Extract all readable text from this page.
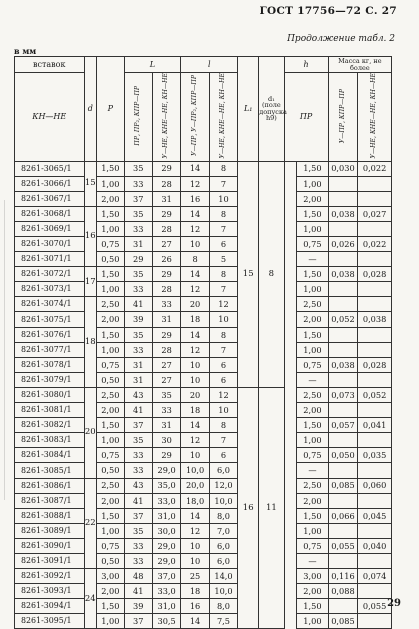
ГОСТ 17756—72 С. 27
Продолжение табл. 2
в мм
вставок	d	P	L		l		L₁	d₁ (поле допуска h9)	h		Масса кг, не более	
КН—НЕ			ПР, ПР₂, КПР—ПР	У—НЕ, КНЕ—НЕ, КН—НЕ	У—ПР, У—ПР₂, КПР—ПР	У—НЕ, КНЕ—НЕ, КН—НЕ			ПР		У—ПР, КПР—ПР	У—НЕ, КНЕ—НЕ, КН—НЕ

8261-3065/1	15	1,50	35	29	14	8	15	8		1,50	0,030	0,022
8261-3066/1		1,00	33	28	12	7				1,00		
8261-3067/1		2,00	37	31	16	10				2,00		
8261-3068/1	16	1,50	35	29	14	8				1,50	0,038	0,027
8261-3069/1		1,00	33	28	12	7				1,00		
8261-3070/1		0,75	31	27	10	6				0,75	0,026	0,022
8261-3071/1		0,50	29	26	8	5				—		
8261-3072/1	17	1,50	35	29	14	8				1,50	0,038	0,028
8261-3073/1		1,00	33	28	12	7				1,00		
8261-3074/1	18	2,50	41	33	20	12				2,50		
8261-3075/1		2,00	39	31	18	10				2,00	0,052	0,038
8261-3076/1		1,50	35	29	14	8				1,50		
8261-3077/1		1,00	33	28	12	7				1,00		
8261-3078/1		0,75	31	27	10	6				0,75	0,038	0,028
8261-3079/1		0,50	31	27	10	6				—		
8261-3080/1	20	2,50	43	35	20	12	16	11		2,50	0,073	0,052
8261-3081/1		2,00	41	33	18	10				2,00		
8261-3082/1		1,50	37	31	14	8				1,50	0,057	0,041
8261-3083/1		1,00	35	30	12	7				1,00		
8261-3084/1		0,75	33	29	10	6				0,75	0,050	0,035
8261-3085/1		0,50	33	29,0	10,0	6,0				—		
8261-3086/1	22	2,50	43	35,0	20,0	12,0				2,50	0,085	0,060
8261-3087/1		2,00	41	33,0	18,0	10,0				2,00		
8261-3088/1		1,50	37	31,0	14	8,0				1,50	0,066	0,045
8261-3089/1		1,00	35	30,0	12	7,0				1,00		
8261-3090/1		0,75	33	29,0	10	6,0				0,75	0,055	0,040
8261-3091/1		0,50	33	29,0	10	6,0				—		
8261-3092/1	24	3,00	48	37,0	25	14,0				3,00	0,116	0,074
8261-3093/1		2,00	41	33,0	18	10,0				2,00	0,088	
8261-3094/1		1,50	39	31,0	16	8,0				1,50		0,055
8261-3095/1		1,00	37	30,5	14	7,5				1,00	0,085	
29
